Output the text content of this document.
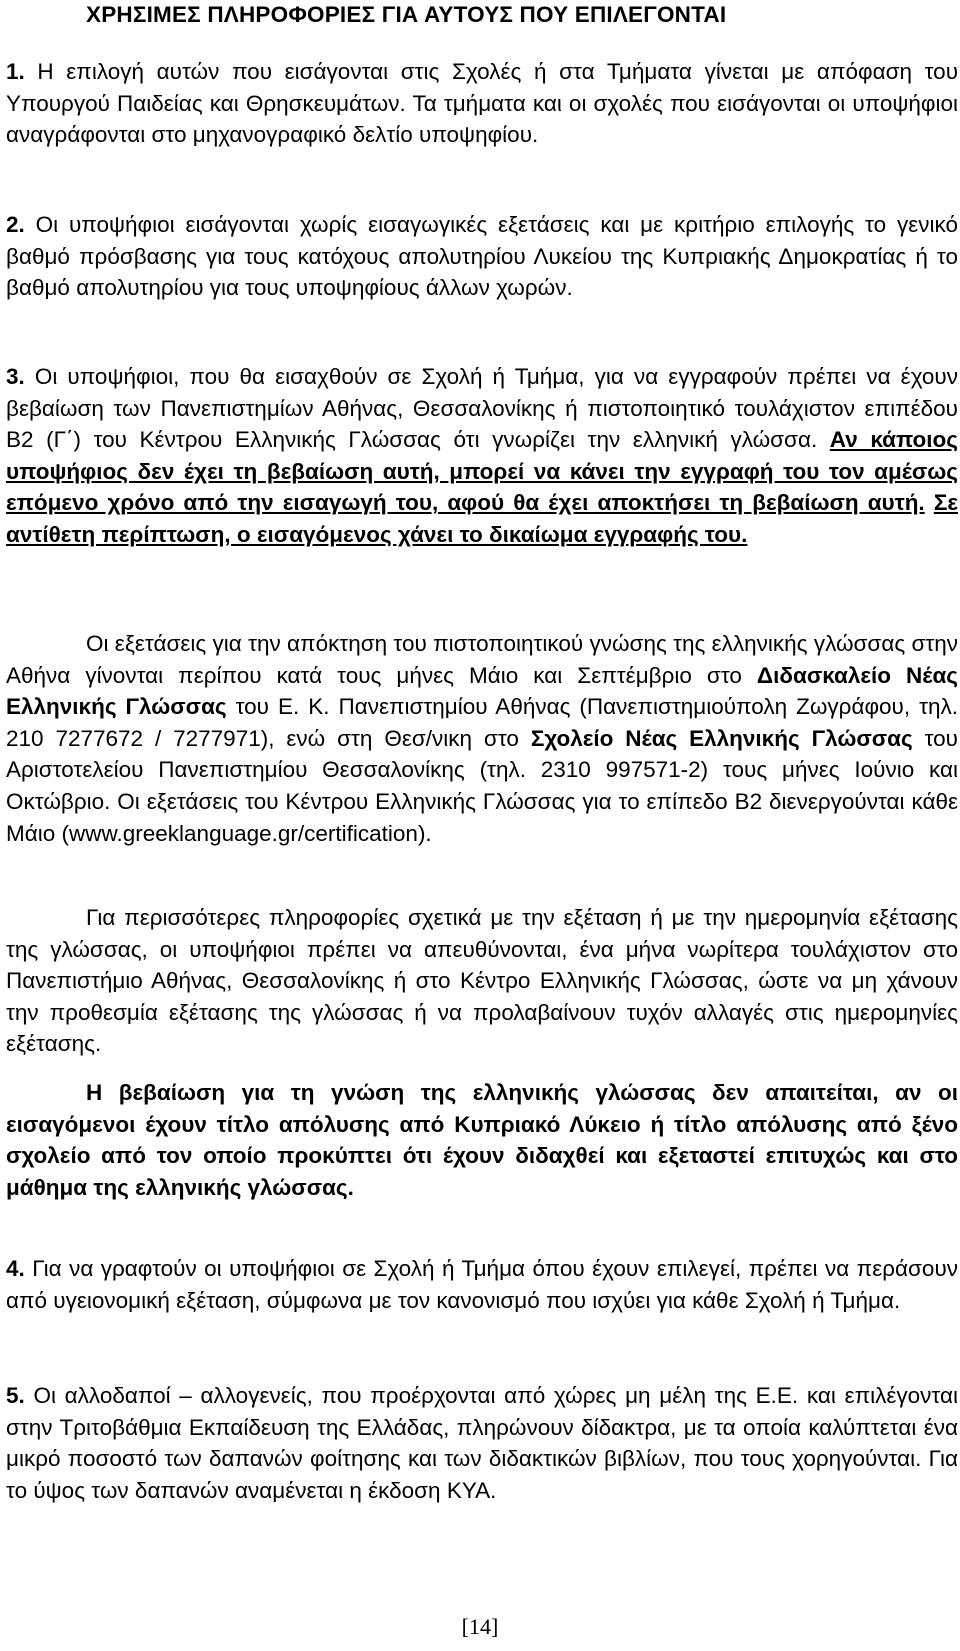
ΧΡΗΣΙΜΕΣ ΠΛΗΡΟΦΟΡΙΕΣ ΓΙΑ ΑΥΤΟΥΣ ΠΟΥ ΕΠΙΛΕΓΟΝΤΑΙ

1. Η επιλογή αυτών που εισάγονται στις Σχολές ή στα Τμήματα γίνεται με απόφαση του Υπουργού Παιδείας και Θρησκευμάτων. Τα τμήματα και οι σχολές που εισάγονται οι υποψήφιοι αναγράφονται στο μηχανογραφικό δελτίο υποψηφίου.

2. Οι υποψήφιοι εισάγονται χωρίς εισαγωγικές εξετάσεις και με κριτήριο επιλογής το γενικό βαθμό πρόσβασης για τους κατόχους απολυτηρίου Λυκείου της Κυπριακής Δημοκρατίας ή το βαθμό απολυτηρίου για τους υποψηφίους άλλων χωρών.

3. Οι υποψήφιοι, που θα εισαχθούν σε Σχολή ή Τμήμα, για να εγγραφούν πρέπει να έχουν βεβαίωση των Πανεπιστημίων Αθήνας, Θεσσαλονίκης ή πιστοποιητικό τουλάχιστον επιπέδου Β2 (Γ΄) του Κέντρου Ελληνικής Γλώσσας ότι γνωρίζει την ελληνική γλώσσα. Αν κάποιος υποψήφιος δεν έχει τη βεβαίωση αυτή, μπορεί να κάνει την εγγραφή του τον αμέσως επόμενο χρόνο από την εισαγωγή του, αφού θα έχει αποκτήσει τη βεβαίωση αυτή. Σε αντίθετη περίπτωση, ο εισαγόμενος χάνει το δικαίωμα εγγραφής του.

Οι εξετάσεις για την απόκτηση του πιστοποιητικού γνώσης της ελληνικής γλώσσας στην Αθήνα γίνονται περίπου κατά τους μήνες Μάιο και Σεπτέμβριο στο Διδασκαλείο Νέας Ελληνικής Γλώσσας του Ε. Κ. Πανεπιστημίου Αθήνας (Πανεπιστημιούπολη Ζωγράφου, τηλ. 210 7277672 / 7277971), ενώ στη Θεσ/νικη στο Σχολείο Νέας Ελληνικής Γλώσσας του Αριστοτελείου Πανεπιστημίου Θεσσαλονίκης (τηλ. 2310 997571-2) τους μήνες Ιούνιο και Οκτώβριο. Οι εξετάσεις του Κέντρου Ελληνικής Γλώσσας για το επίπεδο Β2 διενεργούνται κάθε Μάιο (www.greeklanguage.gr/certification).

Για περισσότερες πληροφορίες σχετικά με την εξέταση ή με την ημερομηνία εξέτασης της γλώσσας, οι υποψήφιοι πρέπει να απευθύνονται, ένα μήνα νωρίτερα τουλάχιστον στο Πανεπιστήμιο Αθήνας, Θεσσαλονίκης ή στο Κέντρο Ελληνικής Γλώσσας, ώστε να μη χάνουν την προθεσμία εξέτασης της γλώσσας ή να προλαβαίνουν τυχόν αλλαγές στις ημερομηνίες εξέτασης.

Η βεβαίωση για τη γνώση της ελληνικής γλώσσας δεν απαιτείται, αν οι εισαγόμενοι έχουν τίτλο απόλυσης από Κυπριακό Λύκειο ή τίτλο απόλυσης από ξένο σχολείο από τον οποίο προκύπτει ότι έχουν διδαχθεί και εξεταστεί επιτυχώς και στο μάθημα της ελληνικής γλώσσας.

4. Για να γραφτούν οι υποψήφιοι σε Σχολή ή Τμήμα όπου έχουν επιλεγεί, πρέπει να περάσουν από υγειονομική εξέταση, σύμφωνα με τον κανονισμό που ισχύει για κάθε Σχολή ή Τμήμα.

5. Οι αλλοδαποί – αλλογενείς, που προέρχονται από χώρες μη μέλη της Ε.Ε. και επιλέγονται στην Τριτοβάθμια Εκπαίδευση της Ελλάδας, πληρώνουν δίδακτρα, με τα οποία καλύπτεται ένα μικρό ποσοστό των δαπανών φοίτησης και των διδακτικών βιβλίων, που τους χορηγούνται. Για το ύψος των δαπανών αναμένεται η έκδοση ΚΥΑ.

[14]
